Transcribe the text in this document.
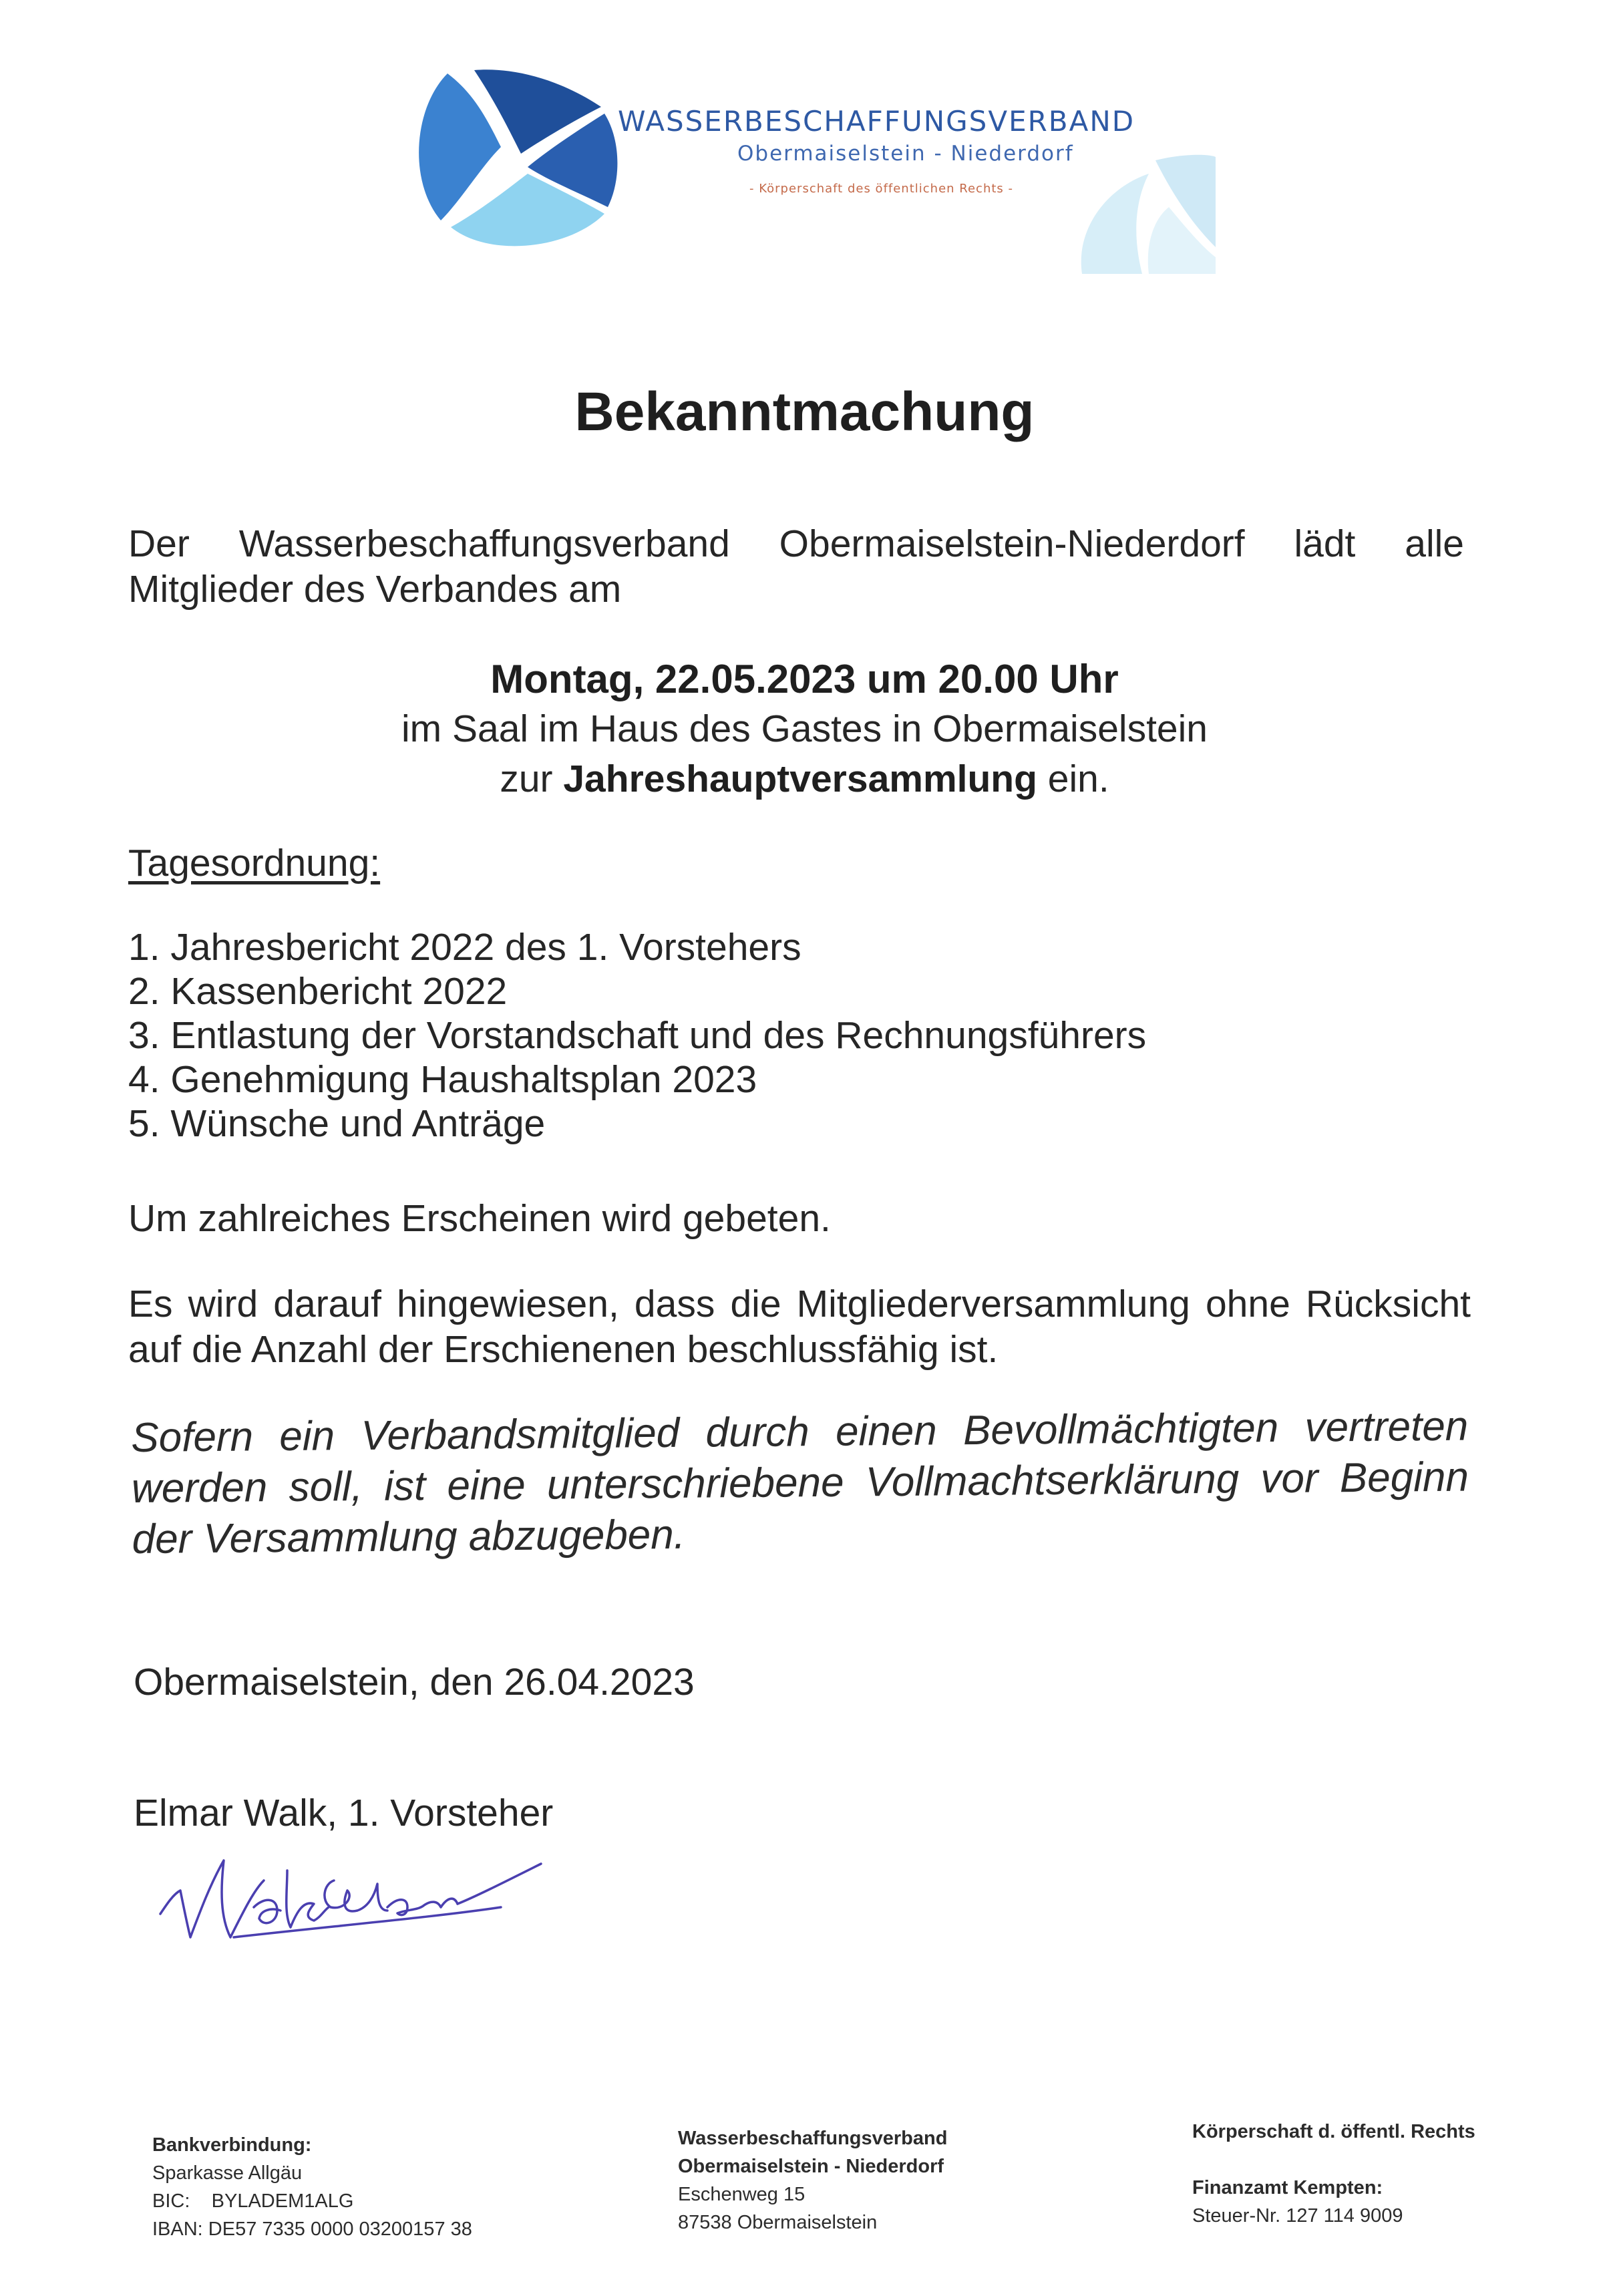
WASSERBESCHAFFUNGSVERBAND
Obermaiselstein - Niederdorf
- Körperschaft des öffentlichen Rechts -
Bekanntmachung
Der Wasserbeschaffungsverband Obermaiselstein-Niederdorf lädt alle Mitglieder des Verbandes am
Montag, 22.05.2023 um 20.00 Uhr
im Saal im Haus des Gastes in Obermaiselstein
zur Jahreshauptversammlung ein.
Tagesordnung:
1. Jahresbericht 2022 des 1. Vorstehers
2. Kassenbericht 2022
3. Entlastung der Vorstandschaft und des Rechnungsführers
4. Genehmigung Haushaltsplan 2023
5. Wünsche und Anträge
Um zahlreiches Erscheinen wird gebeten.
Es wird darauf hingewiesen, dass die Mitgliederversammlung ohne Rücksicht auf die Anzahl der Erschienenen beschlussfähig ist.
Sofern ein Verbandsmitglied durch einen Bevollmächtigten vertreten werden soll, ist eine unterschriebene Vollmachtserklärung vor Beginn der Versammlung abzugeben.
Obermaiselstein, den 26.04.2023
Elmar Walk, 1. Vorsteher
Bankverbindung:
Sparkasse Allgäu
BIC:    BYLADEM1ALG
IBAN: DE57 7335 0000 03200157 38
Wasserbeschaffungsverband
Obermaiselstein - Niederdorf
Eschenweg 15
87538 Obermaiselstein
Körperschaft d. öffentl. Rechts
Finanzamt Kempten:
Steuer-Nr. 127 114 9009
